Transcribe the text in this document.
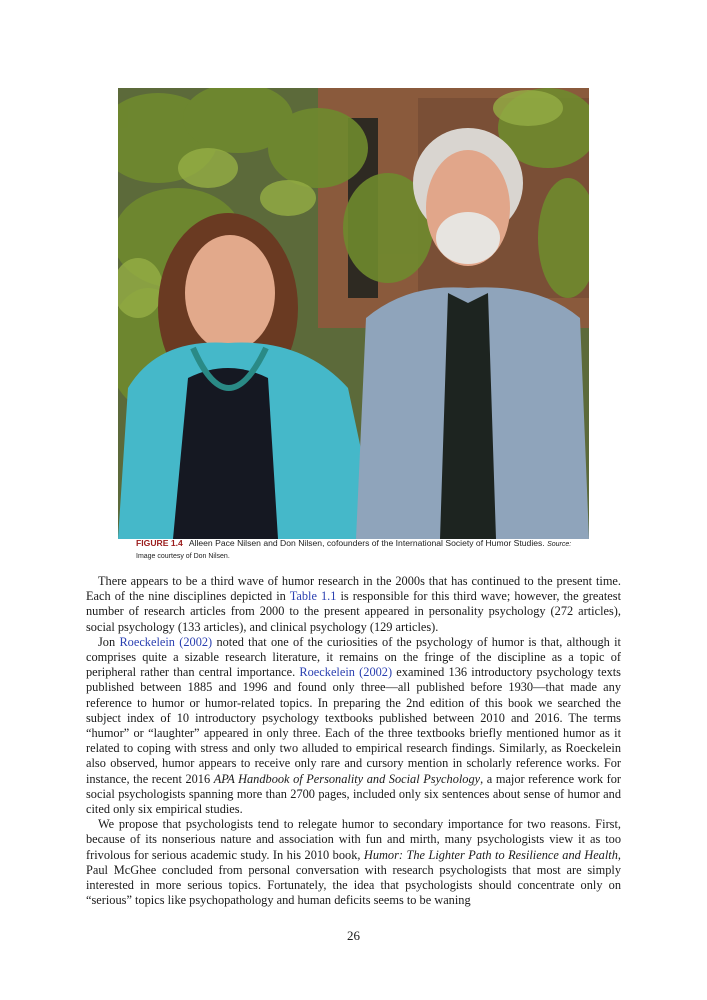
FIGURE 1.4 Alleen Pace Nilsen and Don Nilsen, cofounders of the International Society of Humor Studies. Source: Image courtesy of Don Nilsen.

There appears to be a third wave of humor research in the 2000s that has continued to the present time. Each of the nine disciplines depicted in Table 1.1 is responsible for this third wave; however, the greatest number of research articles from 2000 to the present appeared in personality psychology (272 articles), social psychology (133 articles), and clinical psychology (129 articles).

Jon Roeckelein (2002) noted that one of the curiosities of the psychology of humor is that, although it comprises quite a sizable research literature, it remains on the fringe of the discipline as a topic of peripheral rather than central importance. Roeckelein (2002) examined 136 introductory psychology texts published between 1885 and 1996 and found only three—all published before 1930—that made any reference to humor or humor-related topics. In preparing the 2nd edition of this book we searched the subject index of 10 introductory psychology textbooks published between 2010 and 2016. The terms “humor” or “laughter” appeared in only three. Each of the three textbooks briefly mentioned humor as it related to coping with stress and only two alluded to empirical research findings. Similarly, as Roeckelein also observed, humor appears to receive only rare and cursory mention in scholarly reference works. For instance, the recent 2016 APA Handbook of Personality and Social Psychology, a major reference work for social psychologists spanning more than 2700 pages, included only six sentences about sense of humor and cited only six empirical studies.

We propose that psychologists tend to relegate humor to secondary importance for two reasons. First, because of its nonserious nature and association with fun and mirth, many psychologists view it as too frivolous for serious academic study. In his 2010 book, Humor: The Lighter Path to Resilience and Health, Paul McGhee concluded from personal conversation with research psychologists that most are simply interested in more serious topics. Fortunately, the idea that psychologists should concentrate only on “serious” topics like psychopathology and human deficits seems to be waning

26
